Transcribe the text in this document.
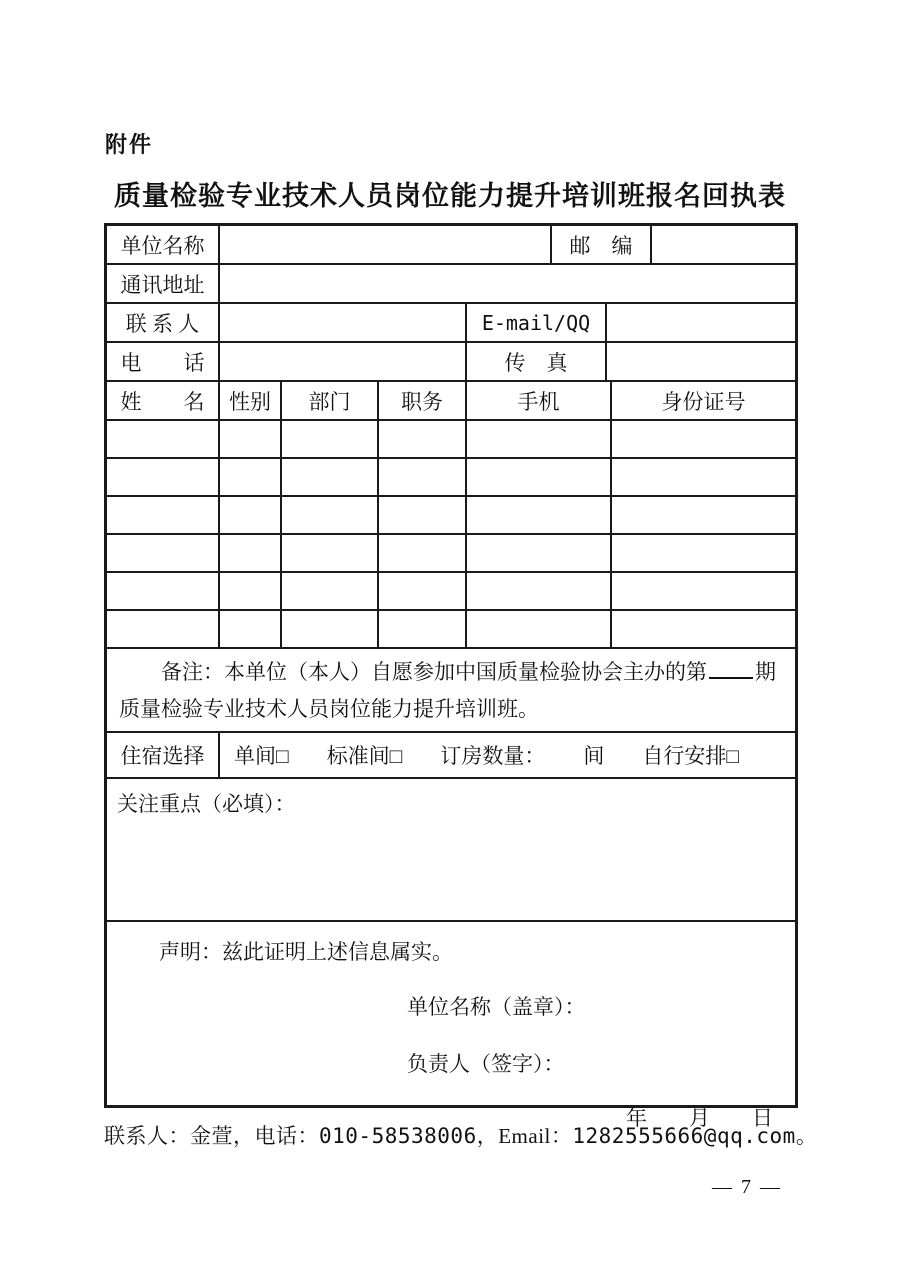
附件
质量检验专业技术人员岗位能力提升培训班报名回执表
单位名称	邮　编
通讯地址
联 系 人	E-mail/QQ
电　　话	传　真
姓　　名	性别	部门	职务	手机	身份证号
备注：本单位（本人）自愿参加中国质量检验协会主办的第 期
质量检验专业技术人员岗位能力提升培训班。
住宿选择	单间□ 标准间□ 订房数量： 间 自行安排□
关注重点（必填）：
声明：兹此证明上述信息属实。
单位名称（盖章）：
负责人（签字）：
年　　月　　日
联系人：金萱，电话：010-58538006，Email：1282555666@qq.com。
— 7 —
